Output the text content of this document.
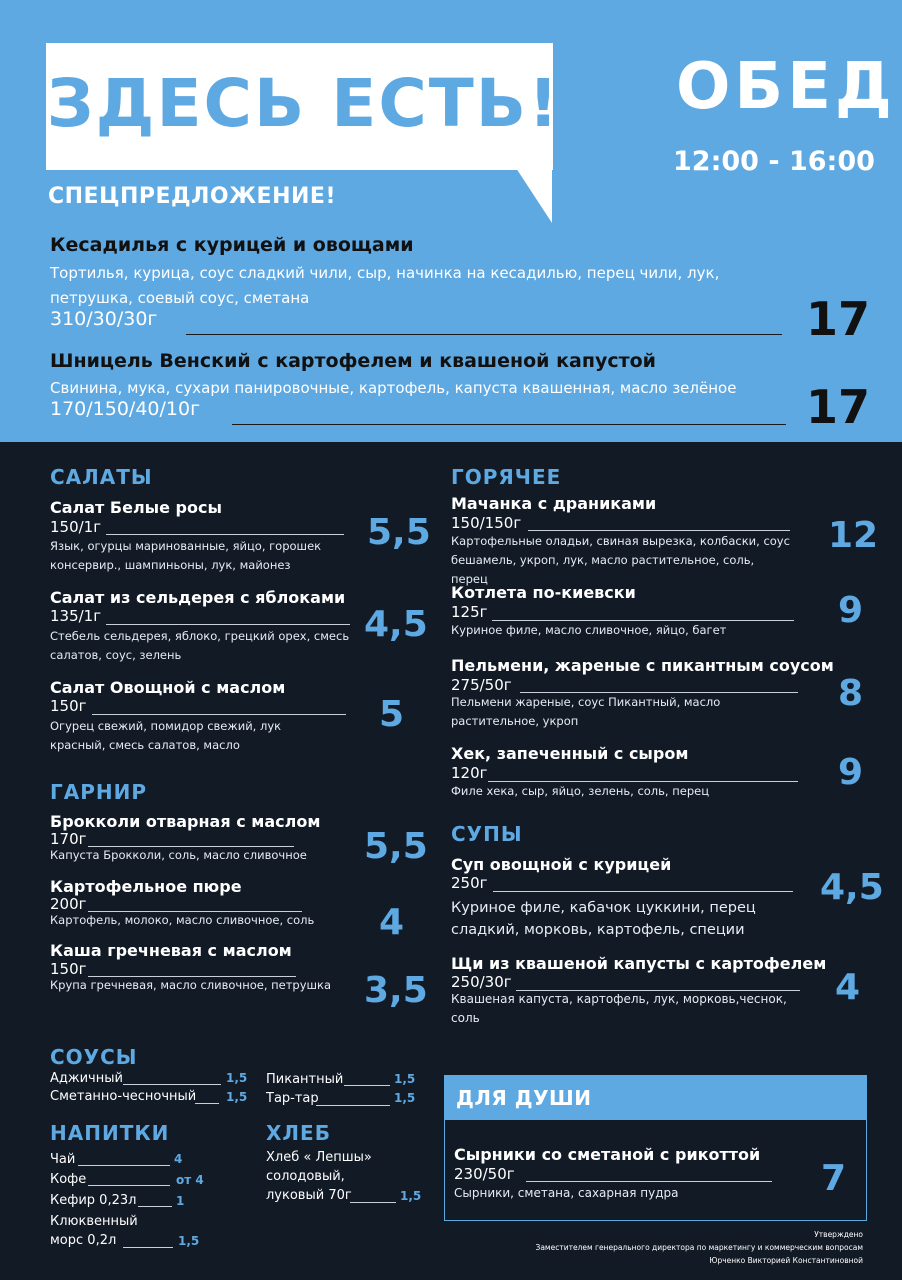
ЗДЕСЬ ЕСТЬ! ОБЕД
12:00 - 16:00
СПЕЦПРЕДЛОЖЕНИЕ!
Кесадилья с курицей и овощами
Тортилья, курица, соус сладкий чили, сыр, начинка на кесадилью, перец чили, лук,
петрушка, соевый соус, сметана
310/30/30г	17
Шницель Венский с картофелем и квашеной капустой
Свинина, мука, сухари панировочные, картофель, капуста квашенная, масло зелёное
170/150/40/10г	17
САЛАТЫ
Салат Белые росы
150/1г
Язык, огурцы маринованные, яйцо, горошек консервир., шампиньоны, лук, майонез
5,5
Салат из сельдерея с яблоками
135/1г
Стебель сельдерея, яблоко, грецкий орех, смесь салатов, соус, зелень
4,5
Салат Овощной с маслом
150г
Огурец свежий, помидор свежий, лук красный, смесь салатов, масло
5
ГАРНИР
Брокколи отварная с маслом
170г
Капуста Брокколи, соль, масло сливочное	5,5
Картофельное пюре
200г
Картофель, молоко, масло сливочное, соль	4
Каша гречневая с маслом
150г
Крупа гречневая, масло сливочное, петрушка 3,5
ГОРЯЧЕЕ
Мачанка с драниками
150/150г
Картофельные оладьи, свиная вырезка, колбаски, соус бешамель, укроп, лук, масло растительное, соль, перец
12
Котлета по-киевски
125г
Куриное филе, масло сливочное, яйцо, багет	9
Пельмени, жареные с пикантным соусом
275/50г
Пельмени жареные, соус Пикантный, масло растительное, укроп
8
Хек, запеченный с сыром
120г
Филе хека, сыр, яйцо, зелень, соль, перец	9
СУПЫ
Суп овощной с курицей
250г
Куриное филе, кабачок цуккини, перец сладкий, морковь, картофель, специи
4,5
Щи из квашеной капусты с картофелем
250/30г
Квашеная капуста, картофель, лук, морковь,чеснок, соль
4
СОУСЫ
Аджичный	1,5
Сметанно-чесночный 1,5
Пикантный	1,5
Тар-тар	1,5
НАПИТКИ
Чай	4
Кофе	от 4
Кефир 0,23л	1
Клюквенный
морс 0,2л	1,5
ХЛЕБ
Хлеб « Лепшы»
солодовый,
луковый 70г	1,5
ДЛЯ ДУШИ
Сырники со сметаной с рикоттой
230/50г
Сырники, сметана, сахарная пудра	7
Утверждено
Заместителем генерального директора по маркетингу и коммерческим вопросам
Юрченко Викторией Константиновной
